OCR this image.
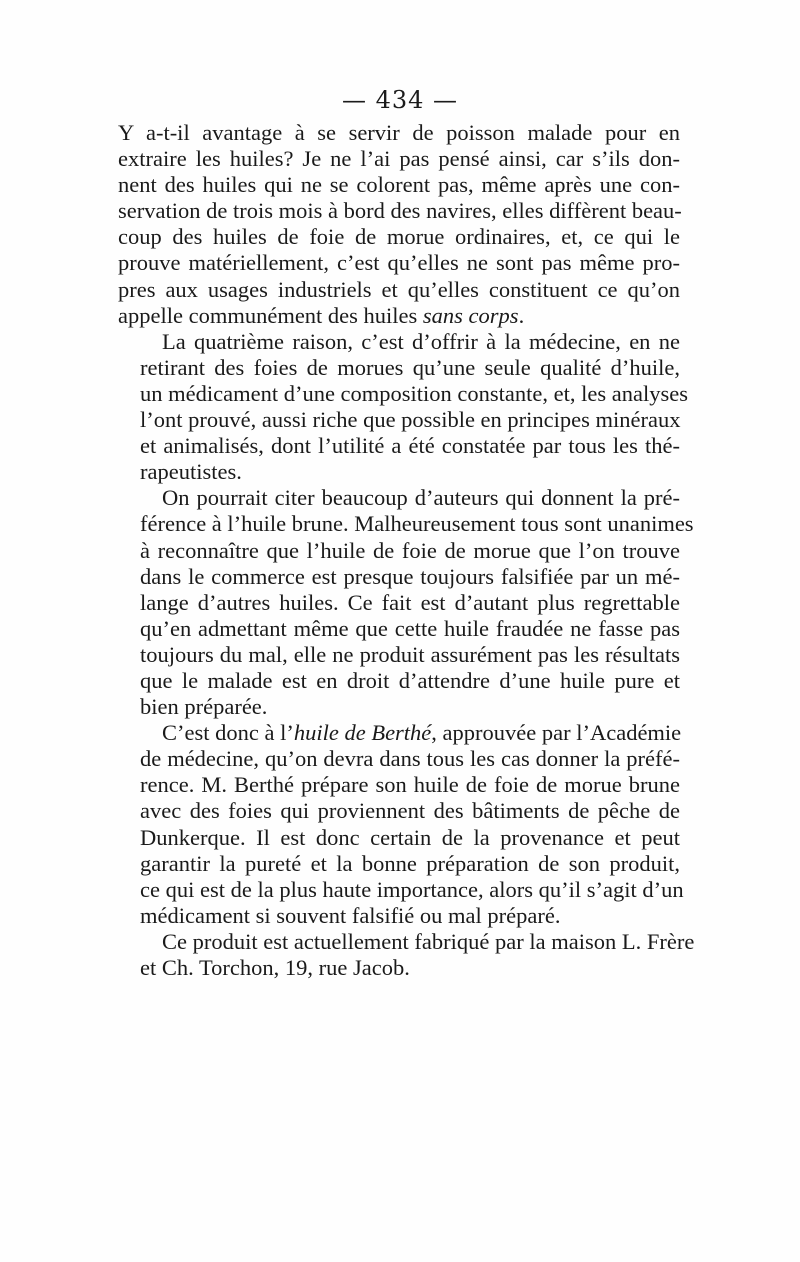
— 434 —
Y a-t-il avantage à se servir de poisson malade pour en
extraire les huiles? Je ne l’ai pas pensé ainsi, car s’ils don-
nent des huiles qui ne se colorent pas, même après une con-
servation de trois mois à bord des navires, elles diffèrent beau-
coup des huiles de foie de morue ordinaires, et, ce qui le
prouve matériellement, c’est qu’elles ne sont pas même pro-
pres aux usages industriels et qu’elles constituent ce qu’on
appelle communément des huiles sans corps.
La quatrième raison, c’est d’offrir à la médecine, en ne
retirant des foies de morues qu’une seule qualité d’huile,
un médicament d’une composition constante, et, les analyses
l’ont prouvé, aussi riche que possible en principes minéraux
et animalisés, dont l’utilité a été constatée par tous les thé-
rapeutistes.
On pourrait citer beaucoup d’auteurs qui donnent la pré-
férence à l’huile brune. Malheureusement tous sont unanimes
à reconnaître que l’huile de foie de morue que l’on trouve
dans le commerce est presque toujours falsifiée par un mé-
lange d’autres huiles. Ce fait est d’autant plus regrettable
qu’en admettant même que cette huile fraudée ne fasse pas
toujours du mal, elle ne produit assurément pas les résultats
que le malade est en droit d’attendre d’une huile pure et
bien préparée.
C’est donc à l’huile de Berthé, approuvée par l’Académie
de médecine, qu’on devra dans tous les cas donner la préfé-
rence. M. Berthé prépare son huile de foie de morue brune
avec des foies qui proviennent des bâtiments de pêche de
Dunkerque. Il est donc certain de la provenance et peut
garantir la pureté et la bonne préparation de son produit,
ce qui est de la plus haute importance, alors qu’il s’agit d’un
médicament si souvent falsifié ou mal préparé.
Ce produit est actuellement fabriqué par la maison L. Frère
et Ch. Torchon, 19, rue Jacob.
